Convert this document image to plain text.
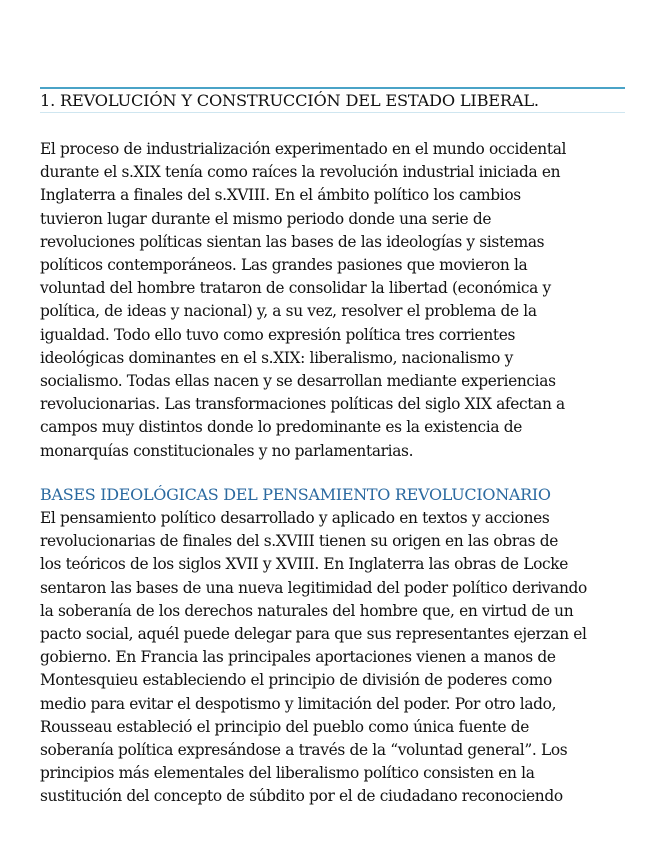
1. REVOLUCIÓN Y CONSTRUCCIÓN DEL ESTADO LIBERAL.

El proceso de industrialización experimentado en el mundo occidental
durante el s.XIX tenía como raíces la revolución industrial iniciada en
Inglaterra a finales del s.XVIII. En el ámbito político los cambios
tuvieron lugar durante el mismo periodo donde una serie de
revoluciones políticas sientan las bases de las ideologías y sistemas
políticos contemporáneos. Las grandes pasiones que movieron la
voluntad del hombre trataron de consolidar la libertad (económica y
política, de ideas y nacional) y, a su vez, resolver el problema de la
igualdad. Todo ello tuvo como expresión política tres corrientes
ideológicas dominantes en el s.XIX: liberalismo, nacionalismo y
socialismo. Todas ellas nacen y se desarrollan mediante experiencias
revolucionarias. Las transformaciones políticas del siglo XIX afectan a
campos muy distintos donde lo predominante es la existencia de
monarquías constitucionales y no parlamentarias.

BASES IDEOLÓGICAS DEL PENSAMIENTO REVOLUCIONARIO

El pensamiento político desarrollado y aplicado en textos y acciones
revolucionarias de finales del s.XVIII tienen su origen en las obras de
los teóricos de los siglos XVII y XVIII. En Inglaterra las obras de Locke
sentaron las bases de una nueva legitimidad del poder político derivando
la soberanía de los derechos naturales del hombre que, en virtud de un
pacto social, aquél puede delegar para que sus representantes ejerzan el
gobierno. En Francia las principales aportaciones vienen a manos de
Montesquieu estableciendo el principio de división de poderes como
medio para evitar el despotismo y limitación del poder. Por otro lado,
Rousseau estableció el principio del pueblo como única fuente de
soberanía política expresándose a través de la “voluntad general”. Los
principios más elementales del liberalismo político consisten en la
sustitución del concepto de súbdito por el de ciudadano reconociendo
